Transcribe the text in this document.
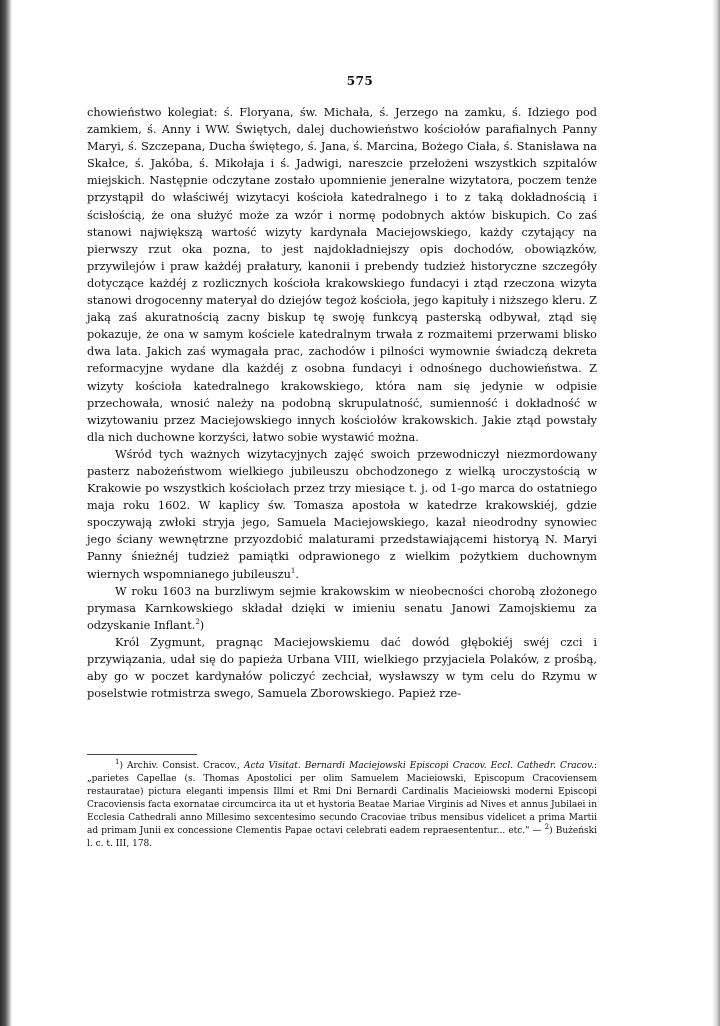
575

chowieństwo kolegiat: ś. Floryana, św. Michała, ś. Jerzego na zamku, ś. Idziego pod zamkiem, ś. Anny i WW. Świętych, dalej duchowieństwo kościołów parafialnych Panny Maryi, ś. Szczepana, Ducha świętego, ś. Jana, ś. Marcina, Bożego Ciała, ś. Stanisława na Skałce, ś. Jakóba, ś. Mikołaja i ś. Jadwigi, nareszcie przełożeni wszystkich szpitalów miejskich. Następnie odczytane zostało upomnienie jeneralne wizytatora, poczem tenże przystąpił do właściwéj wizytacyi kościoła katedralnego i to z taką dokładnością i ścisłością, że ona służyć może za wzór i normę podobnych aktów biskupich. Co zaś stanowi największą wartość wizyty kardynała Maciejowskiego, każdy czytający na pierwszy rzut oka pozna, to jest najdokładniejszy opis dochodów, obowiązków, przywilejów i praw każdéj prałatury, kanonii i prebendy tudzież historyczne szczegóły dotyczące każdéj z rozlicznych kościoła krakowskiego fundacyi i ztąd rzeczona wizyta stanowi drogocenny materyał do dziejów tegoż kościoła, jego kapituły i niższego kleru. Z jaką zaś akuratnością zacny biskup tę swoję funkcyą pasterską odbywał, ztąd się pokazuje, że ona w samym kościele katedralnym trwała z rozmaitemi przerwami blisko dwa lata. Jakich zaś wymagała prac, zachodów i pilności wymownie świadczą dekreta reformacyjne wydane dla każdéj z osobna fundacyi i odnośnego duchowieństwa. Z wizyty kościoła katedralnego krakowskiego, która nam się jedynie w odpisie przechowała, wnosić należy na podobną skrupulatność, sumienność i dokładność w wizytowaniu przez Maciejowskiego innych kościołów krakowskich. Jakie ztąd powstały dla nich duchowne korzyści, łatwo sobie wystawić można.

Wśród tych ważnych wizytacyjnych zajęć swoich przewodniczył niezmordowany pasterz nabożeństwom wielkiego jubileuszu obchodzonego z wielką uroczystością w Krakowie po wszystkich kościołach przez trzy miesiące t. j. od 1-go marca do ostatniego maja roku 1602. W kaplicy św. Tomasza apostoła w katedrze krakowskiéj, gdzie spoczywają zwłoki stryja jego, Samuela Maciejowskiego, kazał nieodrodny synowiec jego ściany wewnętrzne przyozdobić malaturami przedstawiającemi historyą N. Maryi Panny śnieżnéj tudzież pamiątki odprawionego z wielkim pożytkiem duchownym wiernych wspomnianego jubileuszu$^1$.

W roku 1603 na burzliwym sejmie krakowskim w nieobecności chorobą złożonego prymasa Karnkowskiego składał dzięki w imieniu senatu Janowi Zamojskiemu za odzyskanie Inflant.$^2$)

Król Zygmunt, pragnąc Maciejowskiemu dać dowód głębokiéj swéj czci i przywiązania, udał się do papieża Urbana VIII, wielkiego przyjaciela Polaków, z prośbą, aby go w poczet kardynałów policzyć zechciał, wysławszy w tym celu do Rzymu w poselstwie rotmistrza swego, Samuela Zborowskiego. Papież rze-

$^1$) Archiv. Consist. Cracov., Acta Visitat. Bernardi Maciejowski Episcopi Cracov. Eccl. Cathedr. Cracov.: „parietes Capellae (s. Thomas Apostolici per olim Samuelem Macieiowski, Episcopum Cracoviensem restauratae) pictura eleganti impensis Illmi et Rmi Dni Bernardi Cardinalis Macieiowski moderni Episcopi Cracoviensis facta exornatae circumcirca ita ut et hystoria Beatae Mariae Virginis ad Nives et annus Jubilaei in Ecclesia Cathedrali anno Millesimo sexcentesimo secundo Cracoviae tribus mensibus videlicet a prima Martii ad primam Junii ex concessione Clementis Papae octavi celebrati eadem repraesententur... etc." — $^2$) Bużeński l. c. t. III, 178.
